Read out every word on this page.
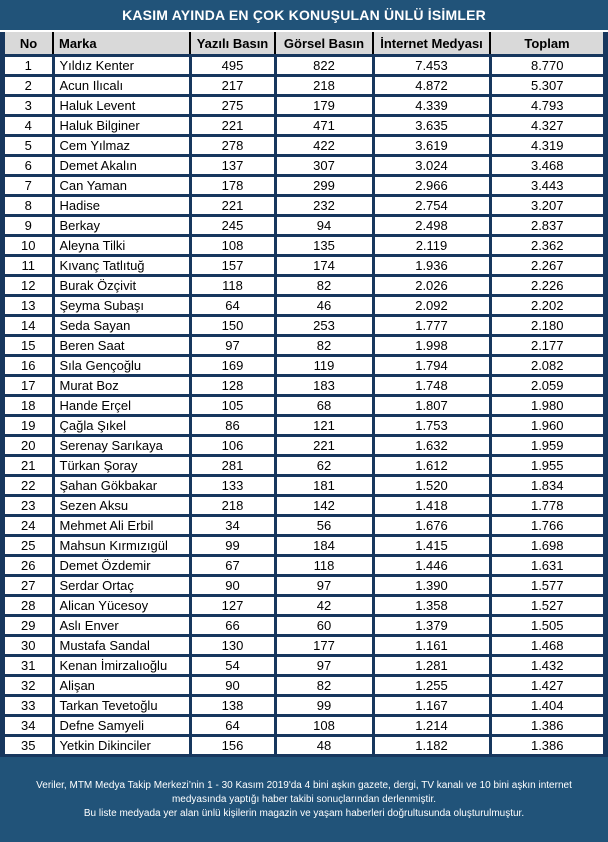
KASIM AYINDA EN ÇOK KONUŞULAN ÜNLÜ İSİMLER
No	Marka	Yazılı Basın	Görsel Basın	İnternet Medyası	Toplam
1	Yıldız Kenter	495	822	7.453	8.770
2	Acun Ilıcalı	217	218	4.872	5.307
3	Haluk Levent	275	179	4.339	4.793
4	Haluk Bilginer	221	471	3.635	4.327
5	Cem Yılmaz	278	422	3.619	4.319
6	Demet Akalın	137	307	3.024	3.468
7	Can Yaman	178	299	2.966	3.443
8	Hadise	221	232	2.754	3.207
9	Berkay	245	94	2.498	2.837
10	Aleyna Tilki	108	135	2.119	2.362
11	Kıvanç Tatlıtuğ	157	174	1.936	2.267
12	Burak Özçivit	118	82	2.026	2.226
13	Şeyma Subaşı	64	46	2.092	2.202
14	Seda Sayan	150	253	1.777	2.180
15	Beren Saat	97	82	1.998	2.177
16	Sıla Gençoğlu	169	119	1.794	2.082
17	Murat Boz	128	183	1.748	2.059
18	Hande Erçel	105	68	1.807	1.980
19	Çağla Şıkel	86	121	1.753	1.960
20	Serenay Sarıkaya	106	221	1.632	1.959
21	Türkan Şoray	281	62	1.612	1.955
22	Şahan Gökbakar	133	181	1.520	1.834
23	Sezen Aksu	218	142	1.418	1.778
24	Mehmet Ali Erbil	34	56	1.676	1.766
25	Mahsun Kırmızıgül	99	184	1.415	1.698
26	Demet Özdemir	67	118	1.446	1.631
27	Serdar Ortaç	90	97	1.390	1.577
28	Alican Yücesoy	127	42	1.358	1.527
29	Aslı Enver	66	60	1.379	1.505
30	Mustafa Sandal	130	177	1.161	1.468
31	Kenan İmirzalıoğlu	54	97	1.281	1.432
32	Alişan	90	82	1.255	1.427
33	Tarkan Tevetoğlu	138	99	1.167	1.404
34	Defne Samyeli	64	108	1.214	1.386
35	Yetkin Dikinciler	156	48	1.182	1.386
Veriler, MTM Medya Takip Merkezi’nin 1 - 30 Kasım 2019'da 4 bini aşkın gazete, dergi, TV kanalı ve 10 bini aşkın internet medyasında yaptığı haber takibi sonuçlarından derlenmiştir.
Bu liste medyada yer alan ünlü kişilerin magazin ve yaşam haberleri doğrultusunda oluşturulmuştur.
